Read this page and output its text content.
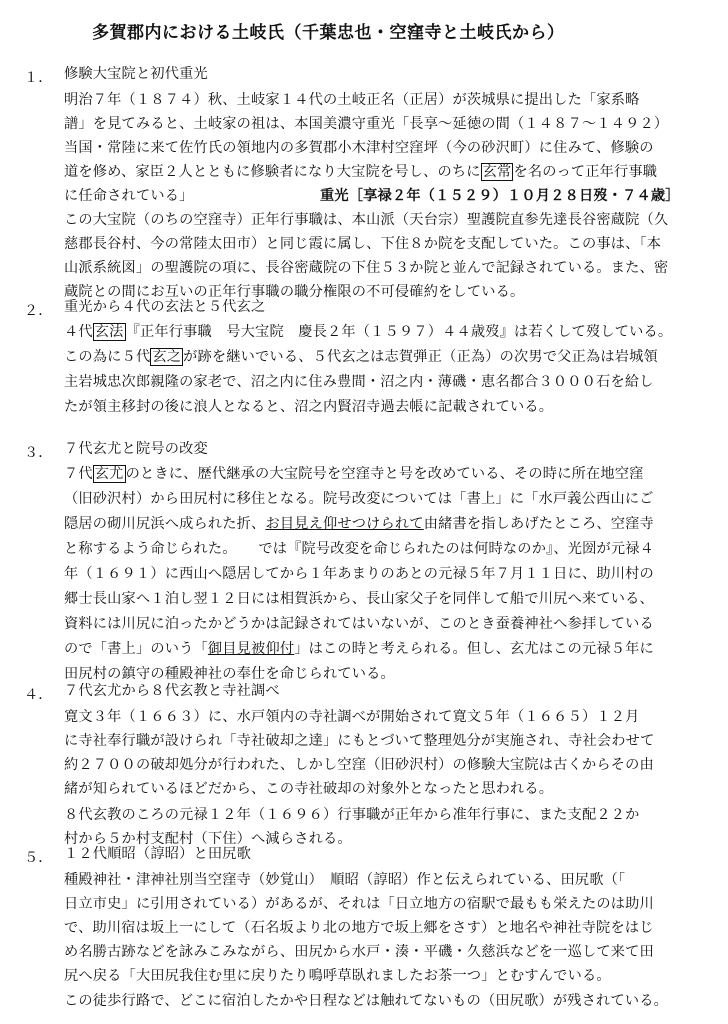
多賀郡内における土岐氏（千葉忠也・空窪寺と土岐氏から）
１． 修験大宝院と初代重光
明治７年（１８７４）秋、土岐家１４代の土岐正名（正居）が茨城県に提出した「家系略
譜」を見てみると、土岐家の祖は、本国美濃守重光「長享～延徳の間（１４８７～１４９２）
当国・常陸に来て佐竹氏の領地内の多賀郡小木津村空窪坪（今の砂沢町）に住みて、修験の
道を修め、家臣２人とともに修験者になり大宝院を号し、のちに 玄常 を名のって正年行事職
に任命されている」	重光［享禄２年（１５２９）１０月２８日歿・７４歳］
この大宝院（のちの空窪寺）正年行事職は、本山派（天台宗）聖護院直参先達長谷密蔵院（久
慈郡長谷村、今の常陸太田市）と同じ霞に属し、下住８か院を支配していた。この事は、「本
山派系統図」の聖護院の項に、長谷密蔵院の下住５３か院と並んで記録されている。また、密
蔵院との間にお互いの正年行事職の職分権限の不可侵確約をしている。
２． 重光から４代の玄法と５代玄之
４代 玄法 『正年行事職　号大宝院　慶長２年（１５９７）４４歳歿』は若くして歿している。
この為に５代 玄之 が跡を継いでいる、５代玄之は志賀弾正（正為）の次男で父正為は岩城領
主岩城忠次郎親隆の家老で、沼之内に住み豊間・沼之内・薄磯・恵名都合３０００石を給し
たが領主移封の後に浪人となると、沼之内賢沼寺過去帳に記載されている。
３． ７代玄尤と院号の改変
７代 玄尤 のときに、歴代継承の大宝院号を空窪寺と号を改めている、その時に所在地空窪
（旧砂沢村）から田尻村に移住となる。院号改変については「書上」に「水戸義公西山にご
隠居の砌川尻浜へ成られた折、お目見え仰せつけられて由緒書を指しあげたところ、空窪寺
と称するよう命じられた。　　では『院号改変を命じられたのは何時なのか』、光圀が元禄４
年（１６９１）に西山へ隠居してから１年あまりのあとの元禄５年７月１１日に、助川村の
郷士長山家へ１泊し翌１２日には相賀浜から、長山家父子を同伴して船で川尻へ来ている、
資料には川尻に泊ったかどうかは記録されてはいないが、このとき蚕養神社へ参拝している
ので「書上」のいう「御目見被仰付」はこの時と考えられる。但し、玄尤はこの元禄５年に
田尻村の鎮守の種殿神社の奉仕を命じられている。
４． ７代玄尤から８代玄教と寺社調べ
寛文３年（１６６３）に、水戸領内の寺社調べが開始されて寛文５年（１６６５）１２月
に寺社奉行職が設けられ「寺社破却之達」にもとづいて整理処分が実施され、寺社会わせて
約２７００の破却処分が行われた、しかし空窪（旧砂沢村）の修験大宝院は古くからその由
緒が知られているほどだから、この寺社破却の対象外となったと思われる。
８代玄教のころの元禄１２年（１６９６）行事職が正年から准年行事に、また支配２２か
村から５か村支配村（下住）へ減らされる。
５． １２代順昭（諄昭）と田尻歌
種殿神社・津神社別当空窪寺（妙覚山）　順昭（諄昭）作と伝えられている、田尻歌（「
日立市史」に引用されている）があるが、それは「日立地方の宿駅で最もも栄えたのは助川
で、助川宿は坂上一にして（石名坂より北の地方で坂上郷をさす）と地名や神社寺院をはじ
め名勝古跡などを詠みこみながら、田尻から水戸・湊・平磯・久慈浜などを一巡して来て田
尻へ戻る「大田尻我住む里に戻りたり鳴呼草臥れましたお茶一つ」とむすんでいる。
この徒歩行路で、どこに宿泊したかや日程などは触れてないもの（田尻歌）が残されている。
